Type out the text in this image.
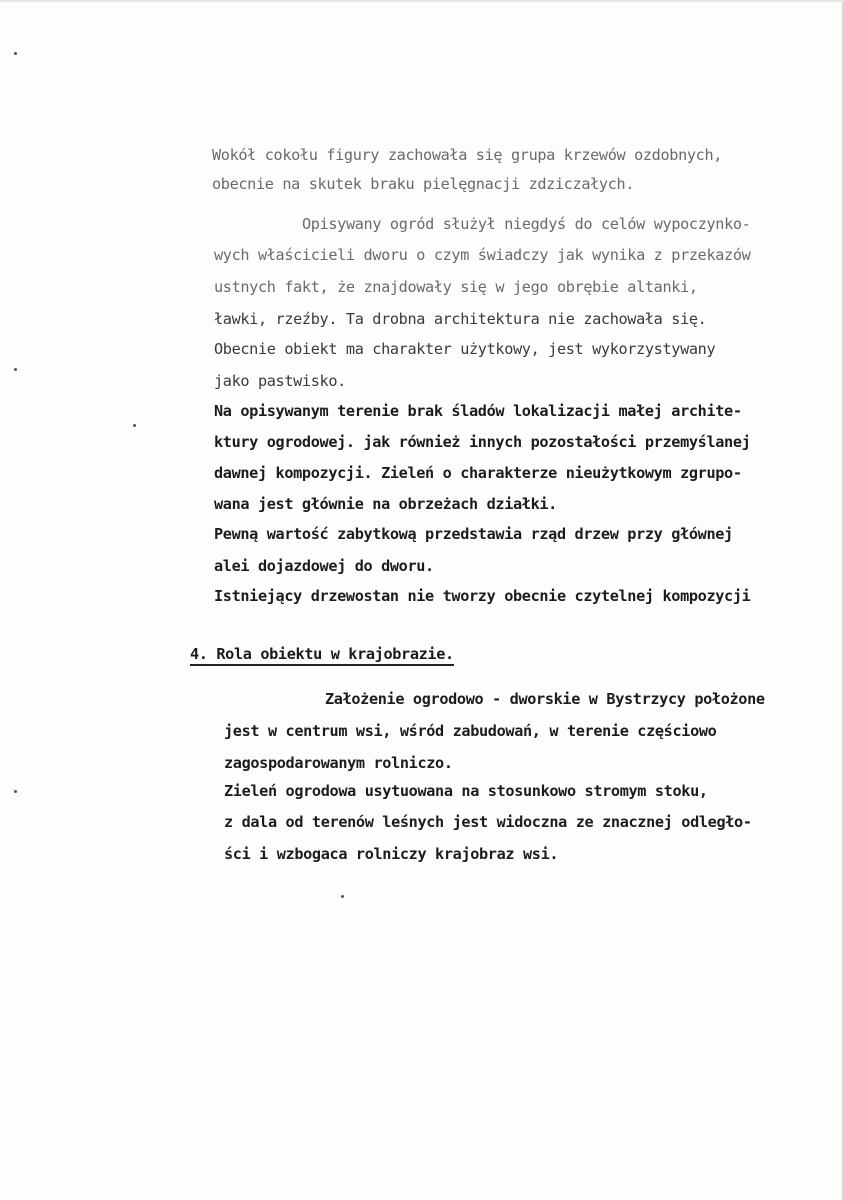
Wokół cokołu figury zachowała się grupa krzewów ozdobnych,
obecnie na skutek braku pielęgnacji zdziczałych.
Opisywany ogród służył niegdyś do celów wypoczynko-
wych właścicieli dworu o czym świadczy jak wynika z przekazów
ustnych fakt, że znajdowały się w jego obrębie altanki,
ławki, rzeźby. Ta drobna architektura nie zachowała się.
Obecnie obiekt ma charakter użytkowy, jest wykorzystywany
jako pastwisko.
Na opisywanym terenie brak śladów lokalizacji małej archite-
ktury ogrodowej. jak również innych pozostałości przemyślanej
dawnej kompozycji. Zieleń o charakterze nieużytkowym zgrupo-
wana jest głównie na obrzeżach działki.
Pewną wartość zabytkową przedstawia rząd drzew przy głównej
alei dojazdowej do dworu.
Istniejący drzewostan nie tworzy obecnie czytelnej kompozycji
4. Rola obiektu w krajobrazie.
Założenie ogrodowo - dworskie w Bystrzycy położone
jest w centrum wsi, wśród zabudowań, w terenie częściowo
zagospodarowanym rolniczo.
Zieleń ogrodowa usytuowana na stosunkowo stromym stoku,
z dala od terenów leśnych jest widoczna ze znacznej odległo-
ści i wzbogaca rolniczy krajobraz wsi.
